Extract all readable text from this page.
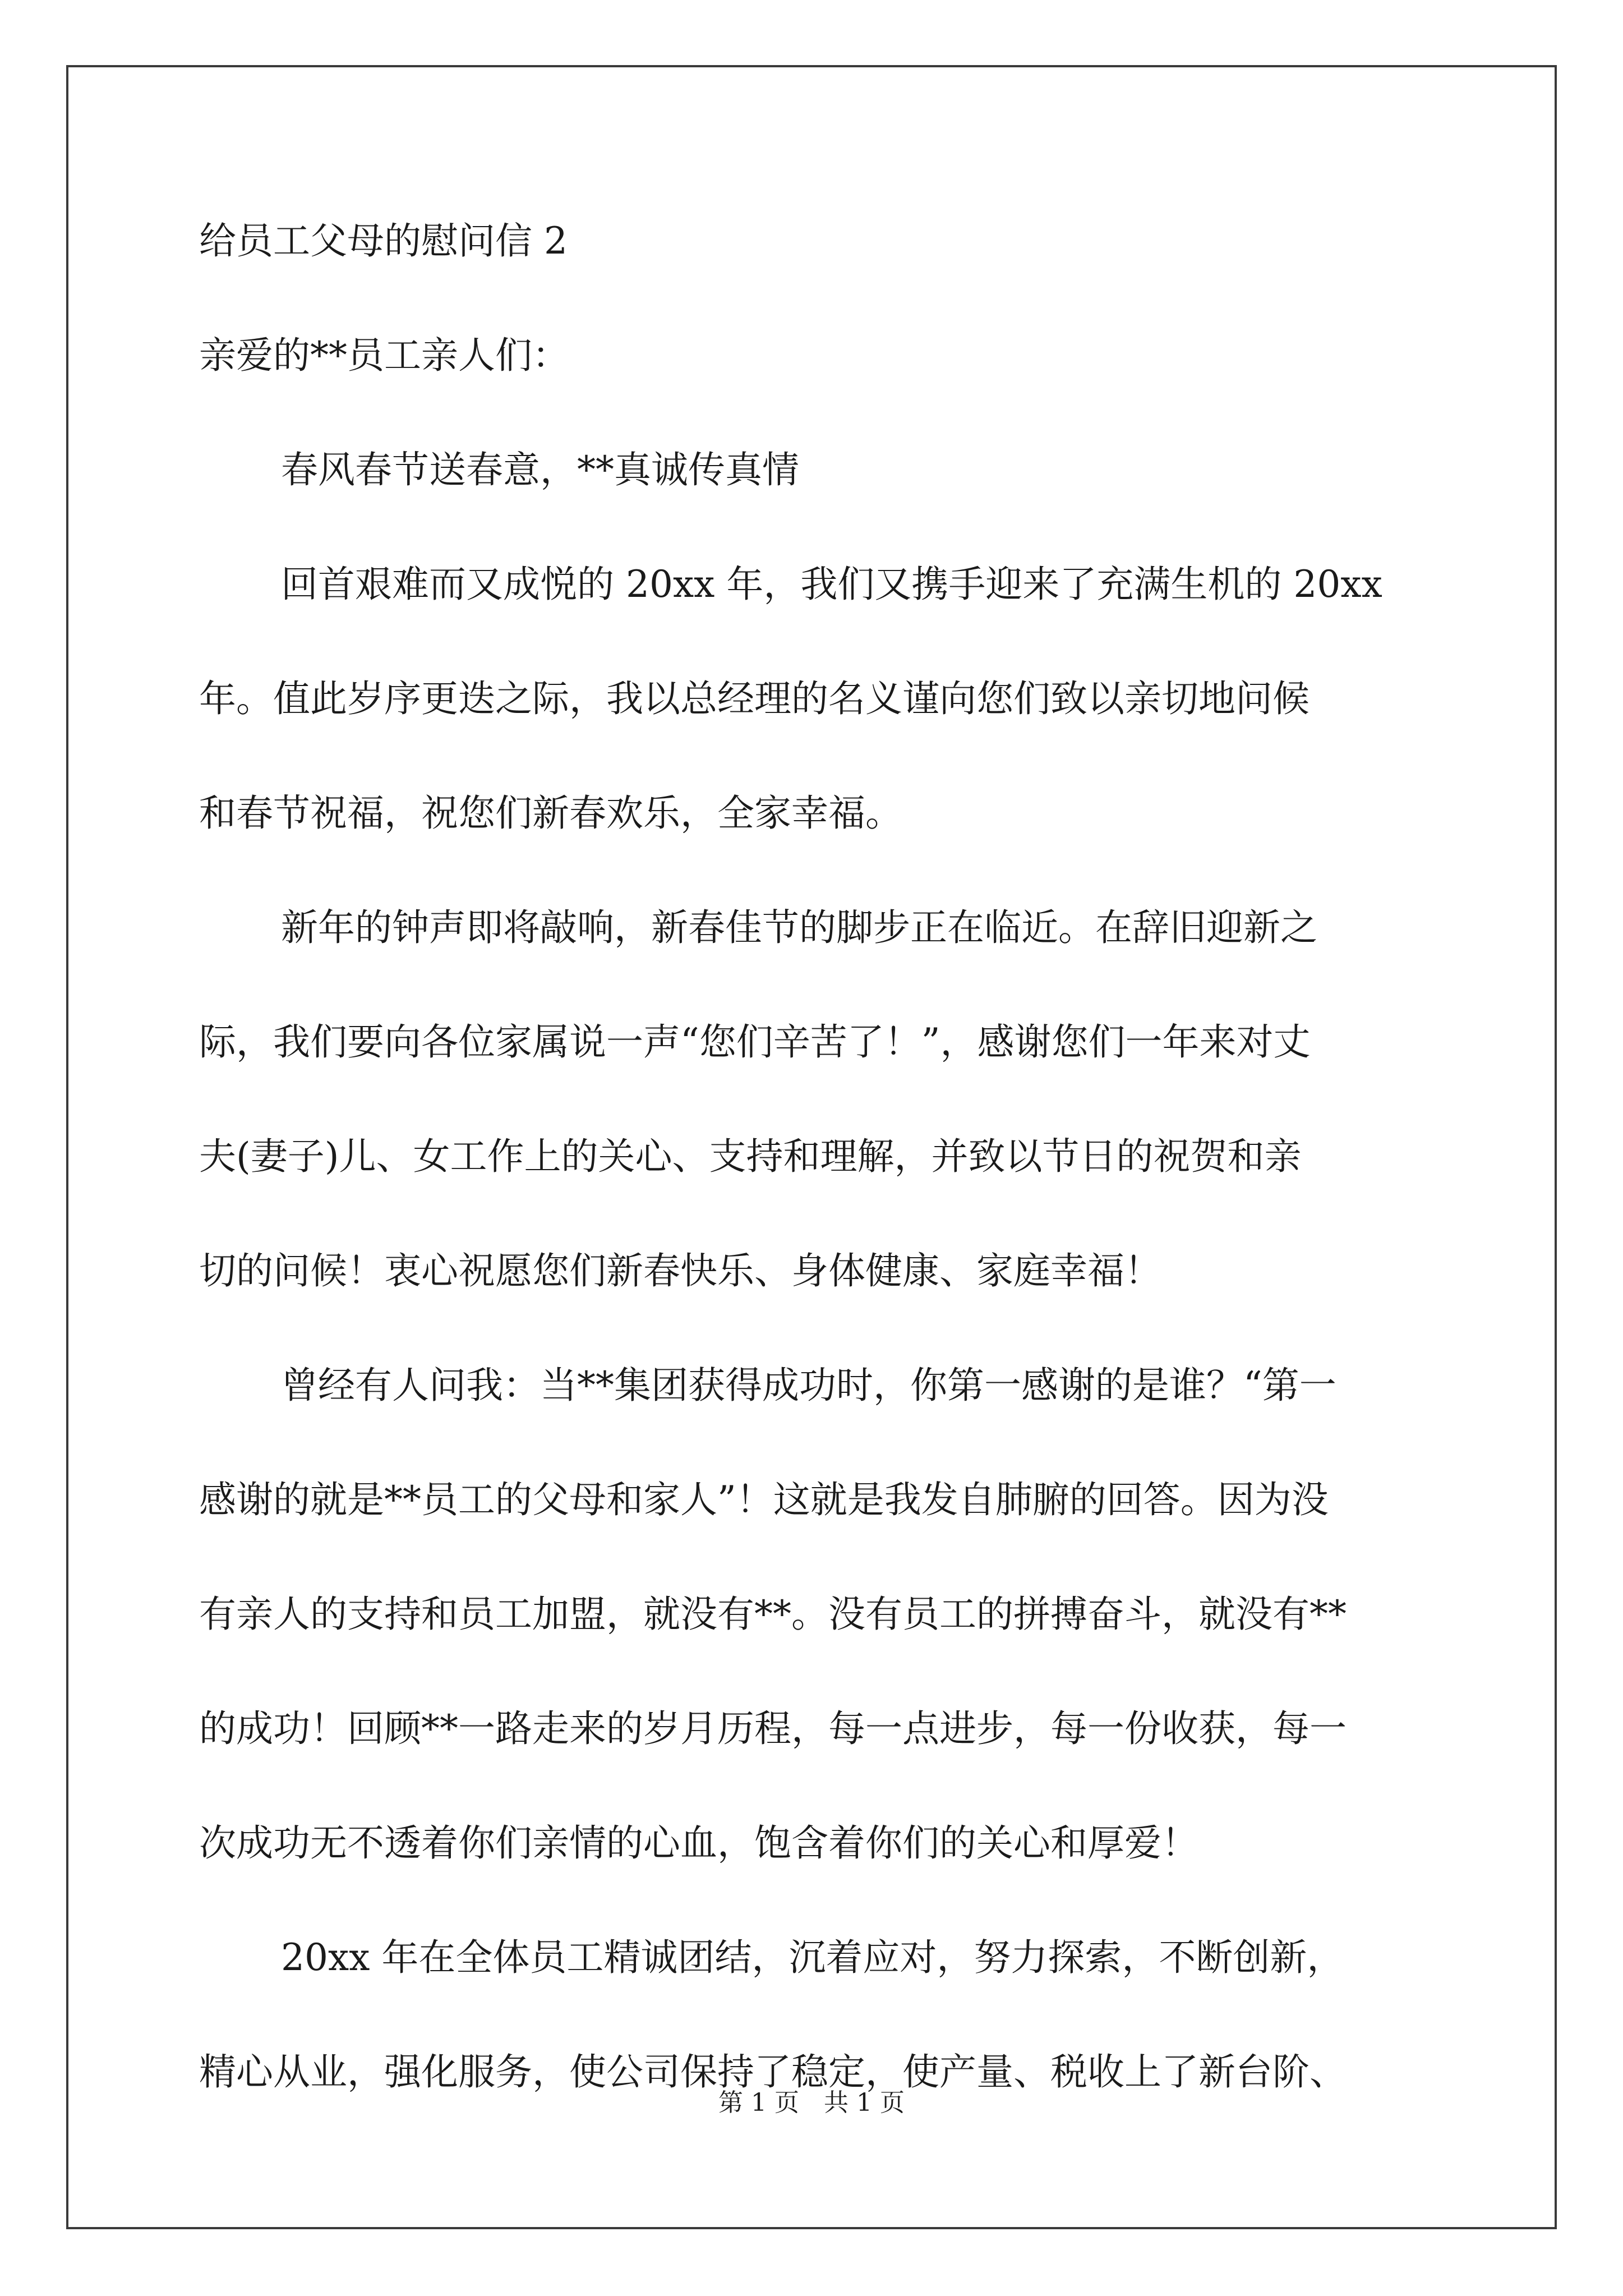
给员工父母的慰问信 2
亲爱的**员工亲人们：
春风春节送春意，**真诚传真情
回首艰难而又成悦的 20xx 年，我们又携手迎来了充满生机的 20xx
年。值此岁序更迭之际，我以总经理的名义谨向您们致以亲切地问候
和春节祝福，祝您们新春欢乐，全家幸福。
新年的钟声即将敲响，新春佳节的脚步正在临近。在辞旧迎新之
际，我们要向各位家属说一声“您们辛苦了！”，感谢您们一年来对丈
夫(妻子)儿、女工作上的关心、支持和理解，并致以节日的祝贺和亲
切的问候！衷心祝愿您们新春快乐、身体健康、家庭幸福！
曾经有人问我：当**集团获得成功时，你第一感谢的是谁？“第一
感谢的就是**员工的父母和家人”！这就是我发自肺腑的回答。因为没
有亲人的支持和员工加盟，就没有**。没有员工的拼搏奋斗，就没有**
的成功！回顾**一路走来的岁月历程，每一点进步，每一份收获，每一
次成功无不透着你们亲情的心血，饱含着你们的关心和厚爱！
20xx 年在全体员工精诚团结，沉着应对，努力探索，不断创新，
精心从业，强化服务，使公司保持了稳定，使产量、税收上了新台阶、
第 1 页　共 1 页
